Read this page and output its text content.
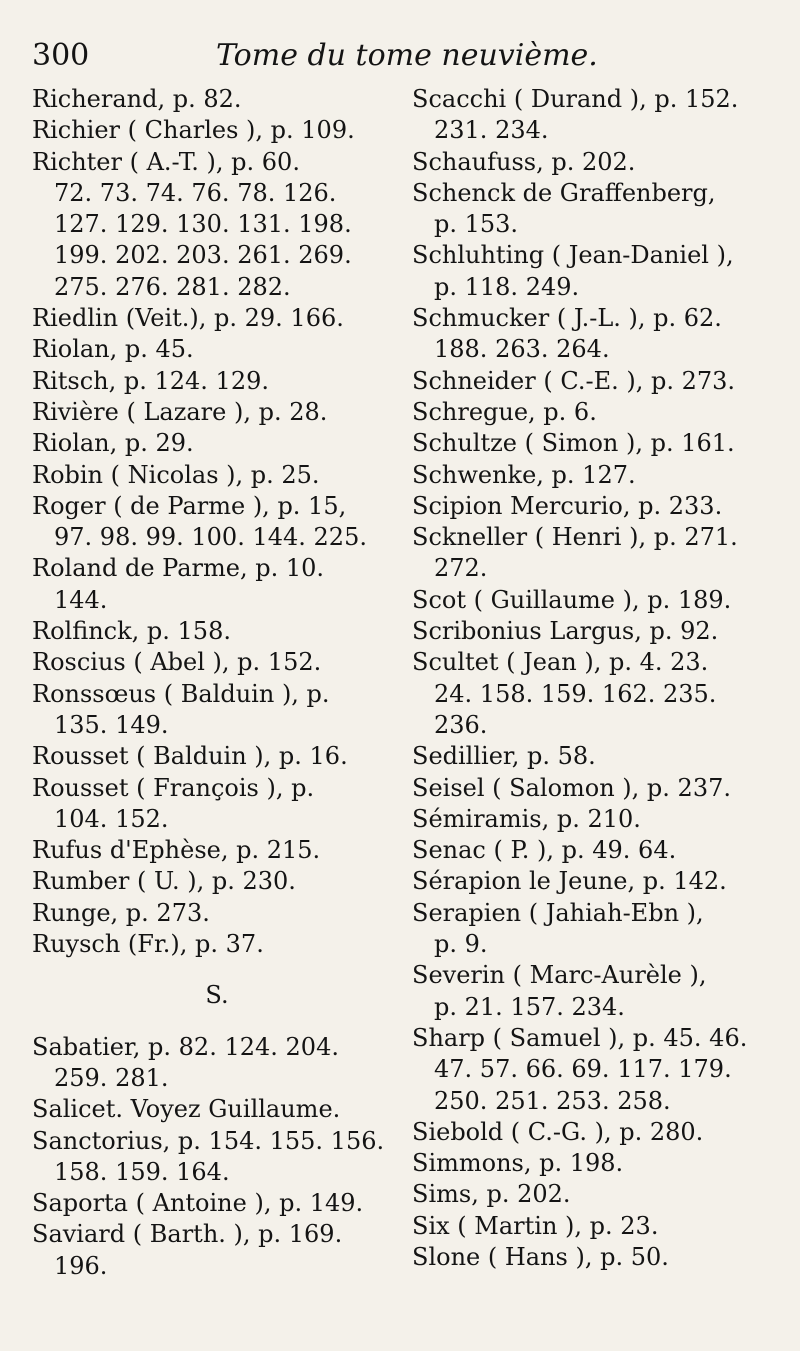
300	Tome du tome neuvième.
Richerand, p. 82.
Richier ( Charles ), p. 109.
Richter ( A.-T. ), p. 60.
72. 73. 74. 76. 78. 126.
127. 129. 130. 131. 198.
199. 202. 203. 261. 269.
275. 276. 281. 282.
Riedlin (Veit.), p. 29. 166.
Riolan, p. 45.
Ritsch, p. 124. 129.
Rivière ( Lazare ), p. 28.
Riolan, p. 29.
Robin ( Nicolas ), p. 25.
Roger ( de Parme ), p. 15,
97. 98. 99. 100. 144. 225.
Roland de Parme, p. 10.
144.
Rolfinck, p. 158.
Roscius ( Abel ), p. 152.
Ronssœus ( Balduin ), p.
135. 149.
Rousset ( Balduin ), p. 16.
Rousset ( François ), p.
104. 152.
Rufus d'Ephèse, p. 215.
Rumber ( U. ), p. 230.
Runge, p. 273.
Ruysch (Fr.), p. 37.
S.
Sabatier, p. 82. 124. 204.
259. 281.
Salicet. Voyez Guillaume.
Sanctorius, p. 154. 155. 156.
158. 159. 164.
Saporta ( Antoine ), p. 149.
Saviard ( Barth. ), p. 169.
196.
Scacchi ( Durand ), p. 152.
231. 234.
Schaufuss, p. 202.
Schenck de Graffenberg,
p. 153.
Schluhting ( Jean-Daniel ),
p. 118. 249.
Schmucker ( J.-L. ), p. 62.
188. 263. 264.
Schneider ( C.-E. ), p. 273.
Schregue, p. 6.
Schultze ( Simon ), p. 161.
Schwenke, p. 127.
Scipion Mercurio, p. 233.
Sckneller ( Henri ), p. 271.
272.
Scot ( Guillaume ), p. 189.
Scribonius Largus, p. 92.
Scultet ( Jean ), p. 4. 23.
24. 158. 159. 162. 235.
236.
Sedillier, p. 58.
Seisel ( Salomon ), p. 237.
Sémiramis, p. 210.
Senac ( P. ), p. 49. 64.
Sérapion le Jeune, p. 142.
Serapien ( Jahiah-Ebn ),
p. 9.
Severin ( Marc-Aurèle ),
p. 21. 157. 234.
Sharp ( Samuel ), p. 45. 46.
47. 57. 66. 69. 117. 179.
250. 251. 253. 258.
Siebold ( C.-G. ), p. 280.
Simmons, p. 198.
Sims, p. 202.
Six ( Martin ), p. 23.
Slone ( Hans ), p. 50.
